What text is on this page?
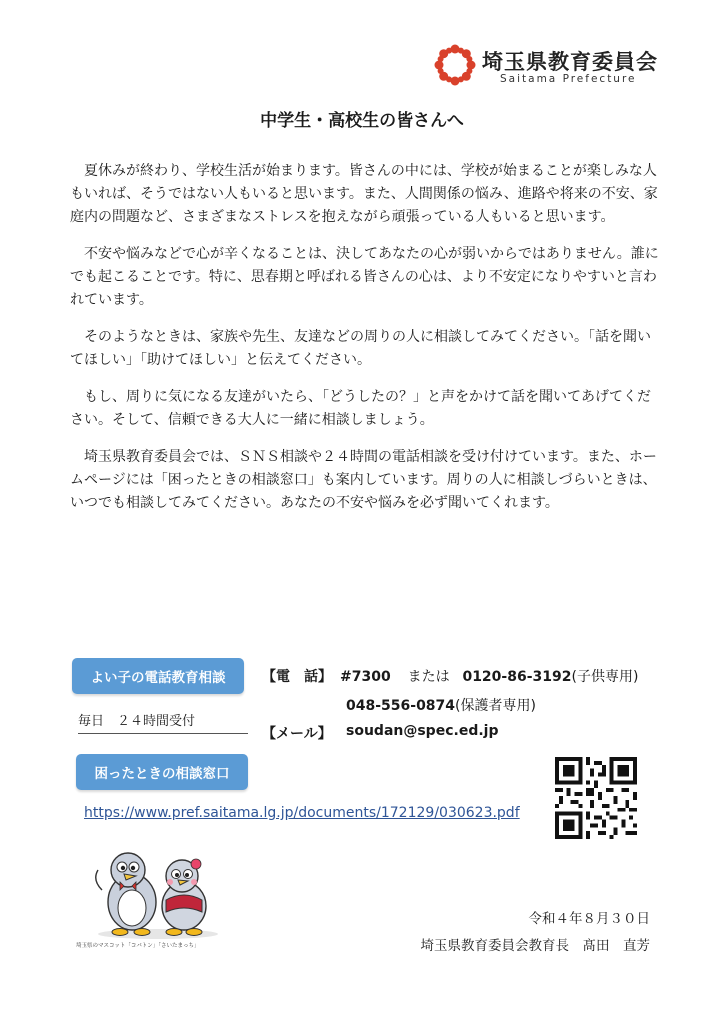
埼玉県教育委員会
Saitama Prefecture
中学生・高校生の皆さんへ

夏休みが終わり、学校生活が始まります。皆さんの中には、学校が始まることが楽しみな人もいれば、そうではない人もいると思います。また、人間関係の悩み、進路や将来の不安、家庭内の問題など、さまざまなストレスを抱えながら頑張っている人もいると思います。

不安や悩みなどで心が辛くなることは、決してあなたの心が弱いからではありません。誰にでも起こることです。特に、思春期と呼ばれる皆さんの心は、より不安定になりやすいと言われています。

そのようなときは、家族や先生、友達などの周りの人に相談してみてください。「話を聞いてほしい」「助けてほしい」と伝えてください。

もし、周りに気になる友達がいたら、「どうしたの？」と声をかけて話を聞いてあげてください。そして、信頼できる大人に一緒に相談しましょう。

埼玉県教育委員会では、ＳＮＳ相談や２４時間の電話相談を受け付けています。また、ホームページには「困ったときの相談窓口」も案内しています。周りの人に相談しづらいときは、いつでも相談してみてください。あなたの不安や悩みを必ず聞いてくれます。

よい子の電話教育相談
毎日　２４時間受付
【電　話】 #7300 または 0120-86-3192(子供専用)
048-556-0874(保護者専用)
【メール】 soudan@spec.ed.jp
困ったときの相談窓口
https://www.pref.saitama.lg.jp/documents/172129/030623.pdf
埼玉県のマスコット「コバトン」「さいたまっち」
令和４年８月３０日
埼玉県教育委員会教育長　髙田　直芳
